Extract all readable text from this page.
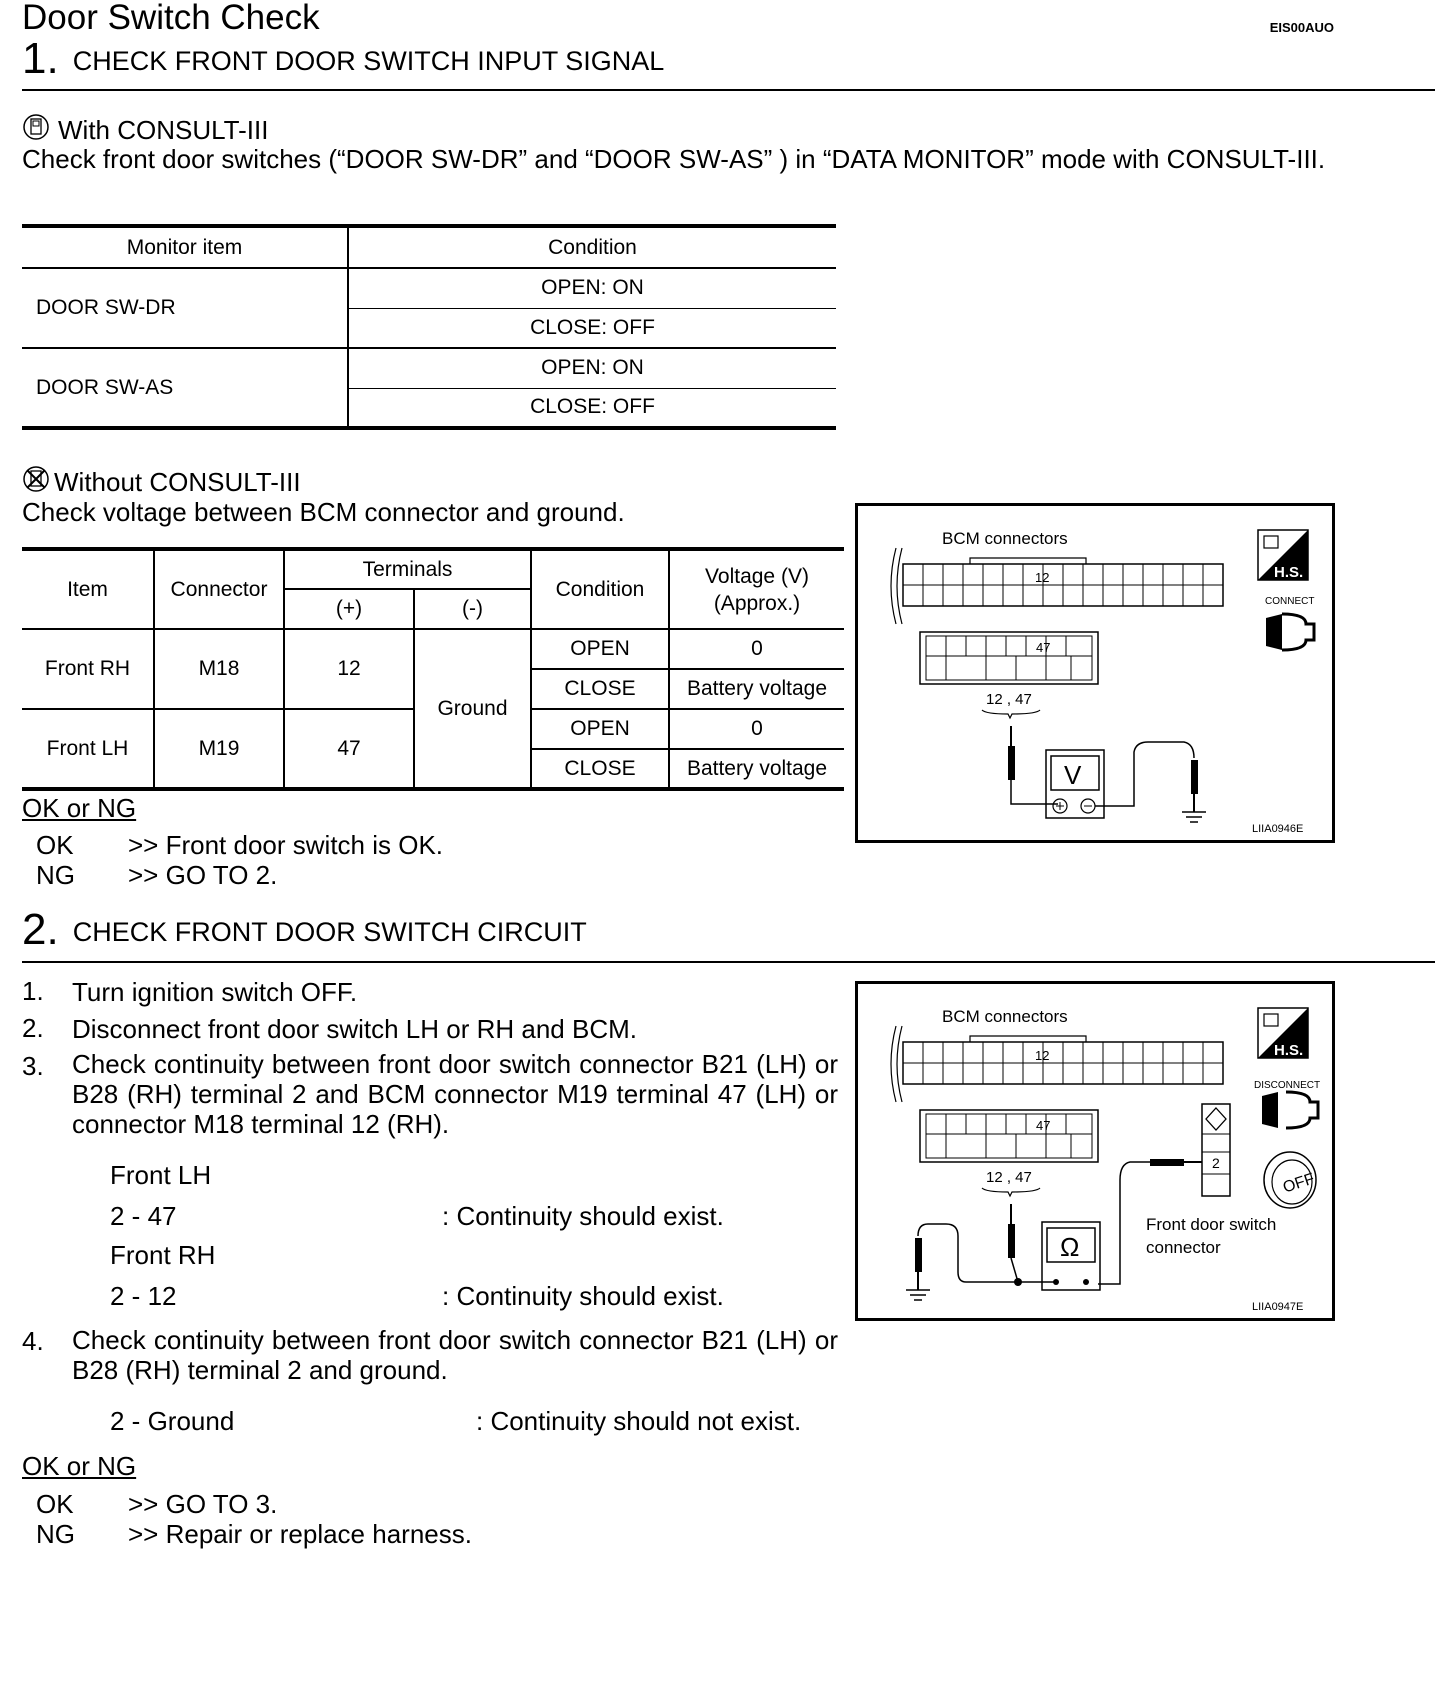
Door Switch Check	EIS00AUO
1. CHECK FRONT DOOR SWITCH INPUT SIGNAL
With CONSULT-III
Check front door switches (“DOOR SW-DR” and “DOOR SW-AS” ) in “DATA MONITOR” mode with CONSULT-III.
Monitor item	Condition
DOOR SW-DR	OPEN: ON
	CLOSE: OFF
DOOR SW-AS	OPEN: ON
	CLOSE: OFF
Without CONSULT-III
Check voltage between BCM connector and ground.
Item	Connector	Terminals		Condition	Voltage (V)
(Approx.)
		(+)	(-)		
Front RH	M18	12	Ground	OPEN	0
				CLOSE	Battery voltage
Front LH	M19	47		OPEN	0
				CLOSE	Battery voltage
OK or NG
OK >> Front door switch is OK.
NG >> GO TO 2.
BCM connectors
12
47
12 , 47
V
H.S.
CONNECT
LIIA0946E
2. CHECK FRONT DOOR SWITCH CIRCUIT
1. Turn ignition switch OFF.
2. Disconnect front door switch LH or RH and BCM.
3. Check continuity between front door switch connector B21 (LH) or B28 (RH) terminal 2 and BCM connector M19 terminal 47 (LH) or connector M18 terminal 12 (RH).
Front LH
2 - 47	: Continuity should exist.
Front RH
2 - 12	: Continuity should exist.
4. Check continuity between front door switch connector B21 (LH) or B28 (RH) terminal 2 and ground.
2 - Ground	: Continuity should not exist.
OK or NG
OK >> GO TO 3.
NG >> Repair or replace harness.
BCM connectors
12
47
12 , 47
2
Ω
H.S.
DISCONNECT
OFF
Front door switch
connector
LIIA0947E
